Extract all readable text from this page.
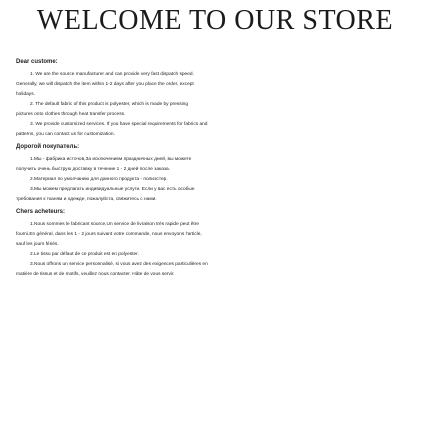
WELCOME TO OUR STORE
Dear custome:
1. We are the source manufacturer and can provide very fast dispatch speed.
Generally, we will dispatch the item within 1-2 days after you place the order, except
holidays.
2. The default fabric of this product is polyester, which is made by pressing
pictures onto clothes through heat transfer process.
3. We provide customized services. If you have special requirements for fabrics and
patterns, you can contact us for customization.
Дорогой покупатель:
1.Мы - фабрика источов,За исключением праздничных дней, вы можете
получить очень быструю доставку в течение 1 - 2 дней после заказа.
2.Материал по умолчанию для данного продукта - полиэстер.
3.Мы можем предлагать индивидуальные услуги. Если у вас есть особые
требования к тканям и одежде, пожалуйста, свяжитесь с нами.
Chers acheteurs:
1.Nous sommes le fabricant source,Un service de livraison très rapide peut être
fourni.En général, dans les 1 - 2 jours suivant votre commande, nous envoyons l'article,
sauf les jours fériés.
2.Le tissu par défaut de ce produit est en polyester.
3.Nous offrons un service personnalisé, si vous avez des exigences particulières en
matière de tissus et de motifs, veuillez nous contacter. Hâte de vous servir.
